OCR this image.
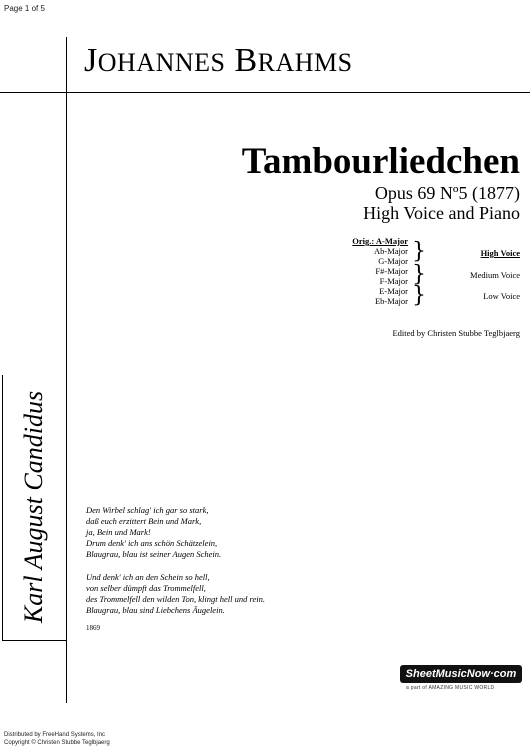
Page 1 of 5
JOHANNES BRAHMS
Tambourliedchen
Opus 69 Nº5 (1877)
High Voice and Piano
Orig.: A-Major
Ab-Major
G-Major
F#-Major
F-Major
E-Major
Eb-Major
}
}
}
High Voice
Medium Voice
Low Voice
Edited by Christen Stubbe Teglbjaerg
Karl August Candidus	Den Wirbel schlag' ich gar so stark,
daß euch erzittert Bein und Mark,
ja, Bein und Mark!
Drum denk' ich ans schön Schätzelein,
Blaugrau, blau ist seiner Augen Schein.
Und denk' ich an den Schein so hell,
von selber dümpft das Trommelfell,
des Trommelfell den wilden Ton, klingt hell und rein.
Blaugrau, blau sind Liebchens Äugelein.
1869
SheetMusicNow·com
a part of AMAZING MUSIC WORLD
Distributed by FreeHand Systems, Inc
Copyright © Christen Stubbe Teglbjaerg
